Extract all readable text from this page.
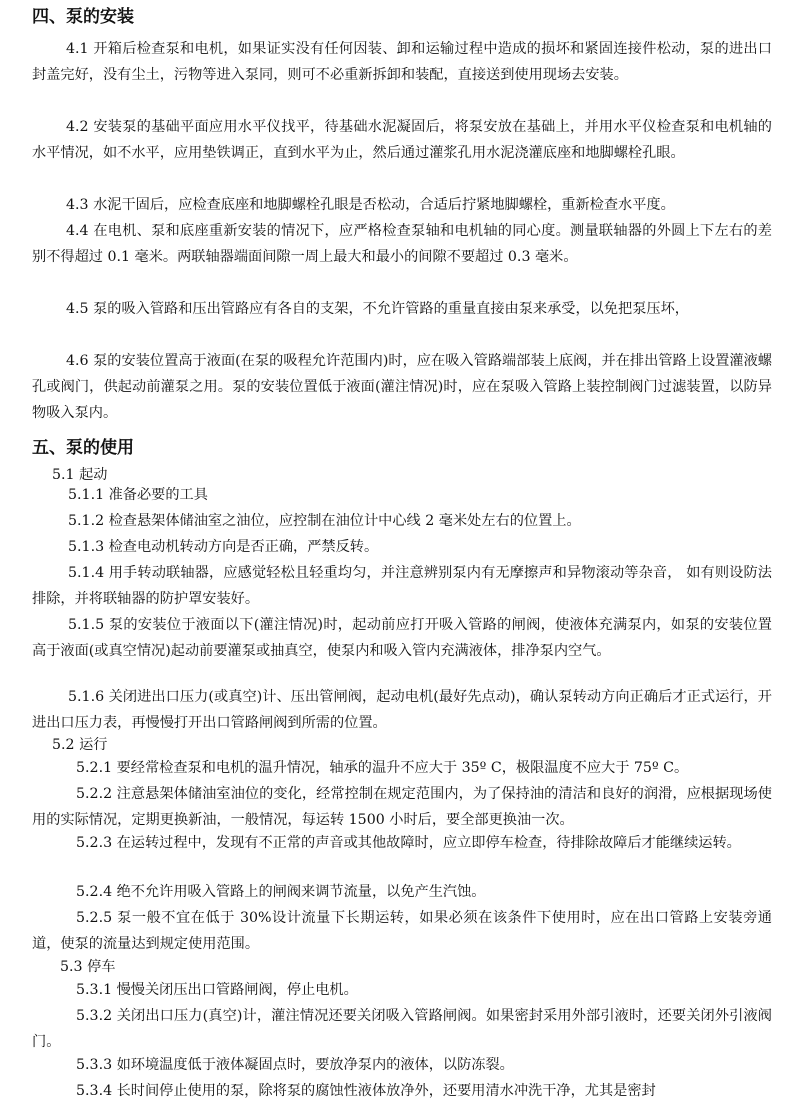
四、泵的安装

4.1 开箱后检查泵和电机，如果证实没有任何因装、卸和运输过程中造成的损坏和紧固连接件松动，泵的进出口封盖完好，没有尘土，污物等进入泵同，则可不必重新拆卸和装配，直接送到使用现场去安装。

4.2 安装泵的基础平面应用水平仪找平，待基础水泥凝固后，将泵安放在基础上，并用水平仪检查泵和电机轴的水平情况，如不水平，应用垫铁调正，直到水平为止，然后通过灌浆孔用水泥浇灌底座和地脚螺栓孔眼。

4.3 水泥干固后，应检查底座和地脚螺栓孔眼是否松动，合适后拧紧地脚螺栓，重新检查水平度。

4.4 在电机、泵和底座重新安装的情况下，应严格检查泵轴和电机轴的同心度。测量联轴器的外圆上下左右的差别不得超过 0.1 毫米。两联轴器端面间隙一周上最大和最小的间隙不要超过 0.3 毫米。

4.5 泵的吸入管路和压出管路应有各自的支架，不允许管路的重量直接由泵来承受，以免把泵压坏，

4.6 泵的安装位置高于液面(在泵的吸程允许范围内)时，应在吸入管路端部装上底阀，并在排出管路上设置灌液螺孔或阀门，供起动前灌泵之用。泵的安装位置低于液面(灌注情况)时，应在泵吸入管路上装控制阀门过滤装置，以防异物吸入泵内。

五、泵的使用
5.1 起动

5.1.1 准备必要的工具

5.1.2 检查悬架体储油室之油位，应控制在油位计中心线 2 毫米处左右的位置上。

5.1.3 检查电动机转动方向是否正确，严禁反转。

5.1.4 用手转动联轴器，应感觉轻松且轻重均匀，并注意辨别泵内有无摩擦声和异物滚动等杂音， 如有则设防法排除，并将联轴器的防护罩安装好。

5.1.5 泵的安装位于液面以下(灌注情况)时，起动前应打开吸入管路的闸阀，使液体充满泵内，如泵的安装位置高于液面(或真空情况)起动前要灌泵或抽真空，使泵内和吸入管内充满液体，排净泵内空气。

5.1.6 关闭进出口压力(或真空)计、压出管闸阀，起动电机(最好先点动)，确认泵转动方向正确后才正式运行，开进出口压力表，再慢慢打开出口管路闸阀到所需的位置。

5.2 运行

5.2.1 要经常检查泵和电机的温升情况，轴承的温升不应大于 35º C，极限温度不应大于 75º C。

5.2.2 注意悬架体储油室油位的变化，经常控制在规定范围内，为了保持油的清洁和良好的润滑，应根据现场使用的实际情况，定期更换新油，一般情况，每运转 1500 小时后，要全部更换油一次。

5.2.3 在运转过程中，发现有不正常的声音或其他故障时，应立即停车检查，待排除故障后才能继续运转。

5.2.4 绝不允许用吸入管路上的闸阀来调节流量，以免产生汽蚀。

5.2.5 泵一般不宜在低于 30%设计流量下长期运转，如果必须在该条件下使用时，应在出口管路上安装旁通道，使泵的流量达到规定使用范围。

5.3 停车

5.3.1 慢慢关闭压出口管路闸阀，停止电机。

5.3.2 关闭出口压力(真空)计，灌注情况还要关闭吸入管路闸阀。如果密封采用外部引液时，还要关闭外引液阀门。

5.3.3 如环境温度低于液体凝固点时，要放净泵内的液体，以防冻裂。

5.3.4 长时间停止使用的泵，除将泵的腐蚀性液体放净外，还要用清水冲洗干净，尤其是密封
